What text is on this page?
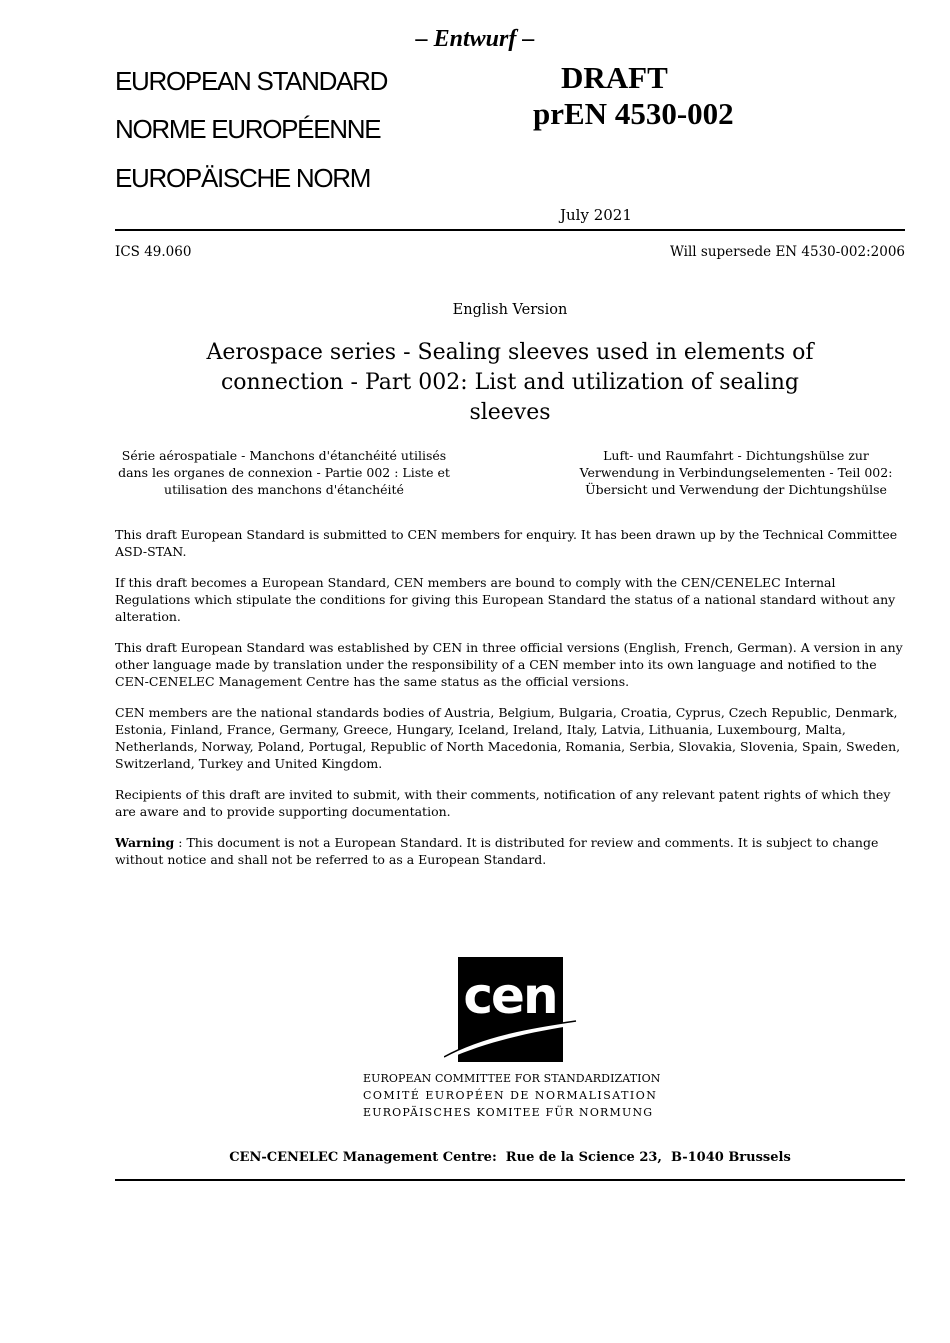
– Entwurf –
EUROPEAN STANDARD
NORME EUROPÉENNE
EUROPÄISCHE NORM
DRAFT
prEN 4530-002
July 2021
ICS 49.060	Will supersede EN 4530-002:2006
English Version
Aerospace series - Sealing sleeves used in elements of connection - Part 002: List and utilization of sealing sleeves
Série aérospatiale - Manchons d'étanchéité utilisés dans les organes de connexion - Partie 002 : Liste et utilisation des manchons d'étanchéité
Luft- und Raumfahrt - Dichtungshülse zur Verwendung in Verbindungselementen - Teil 002: Übersicht und Verwendung der Dichtungshülse

This draft European Standard is submitted to CEN members for enquiry. It has been drawn up by the Technical Committee ASD-STAN.

If this draft becomes a European Standard, CEN members are bound to comply with the CEN/CENELEC Internal Regulations which stipulate the conditions for giving this European Standard the status of a national standard without any alteration.

This draft European Standard was established by CEN in three official versions (English, French, German). A version in any other language made by translation under the responsibility of a CEN member into its own language and notified to the CEN-CENELEC Management Centre has the same status as the official versions.

CEN members are the national standards bodies of Austria, Belgium, Bulgaria, Croatia, Cyprus, Czech Republic, Denmark, Estonia, Finland, France, Germany, Greece, Hungary, Iceland, Ireland, Italy, Latvia, Lithuania, Luxembourg, Malta, Netherlands, Norway, Poland, Portugal, Republic of North Macedonia, Romania, Serbia, Slovakia, Slovenia, Spain, Sweden, Switzerland, Turkey and United Kingdom.

Recipients of this draft are invited to submit, with their comments, notification of any relevant patent rights of which they are aware and to provide supporting documentation.

Warning : This document is not a European Standard. It is distributed for review and comments. It is subject to change without notice and shall not be referred to as a European Standard.

cen
EUROPEAN COMMITTEE FOR STANDARDIZATION
COMITÉ EUROPÉEN DE NORMALISATION
EUROPÄISCHES KOMITEE FÜR NORMUNG
CEN-CENELEC Management Centre:  Rue de la Science 23,  B-1040 Brussels
